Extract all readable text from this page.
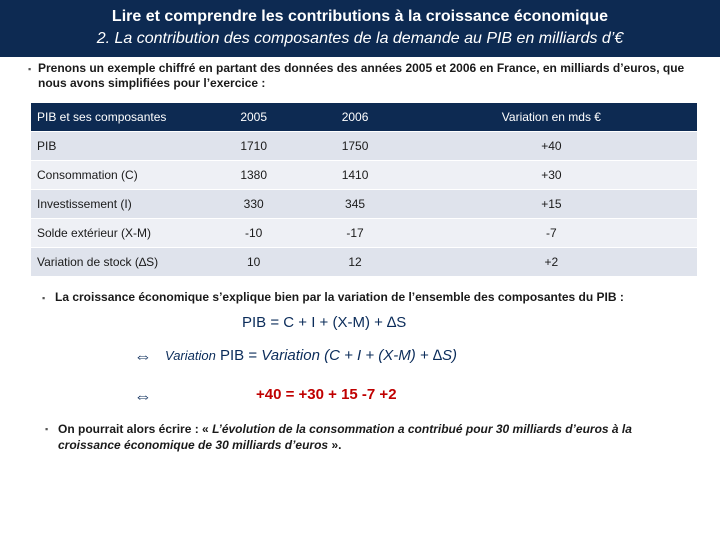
Lire et comprendre les contributions à la croissance économique
2. La contribution des composantes de la demande au PIB en milliards d’€
▪ Prenons un exemple chiffré en partant des données des années 2005 et 2006 en France, en milliards d’euros, que nous avons simplifiées pour l’exercice :
PIB et ses composantes	2005	2006	Variation en mds €
PIB	1710	1750	+40
Consommation (C)	1380	1410	+30
Investissement (I)	330	345	+15
Solde extérieur (X-M)	-10	-17	-7
Variation de stock (∆S)	10	12	+2
▪ La croissance économique s’explique bien par la variation de l’ensemble des composantes du PIB :
PIB = C + I + (X-M) + ∆S
⇔ Variation PIB = Variation (C + I + (X-M) + ∆S)
⇔	+40 = +30 + 15 -7 +2
▪ On pourrait alors écrire : « L’évolution de la consommation a contribué pour 30 milliards d’euros à la croissance économique de 30 milliards d’euros ».
